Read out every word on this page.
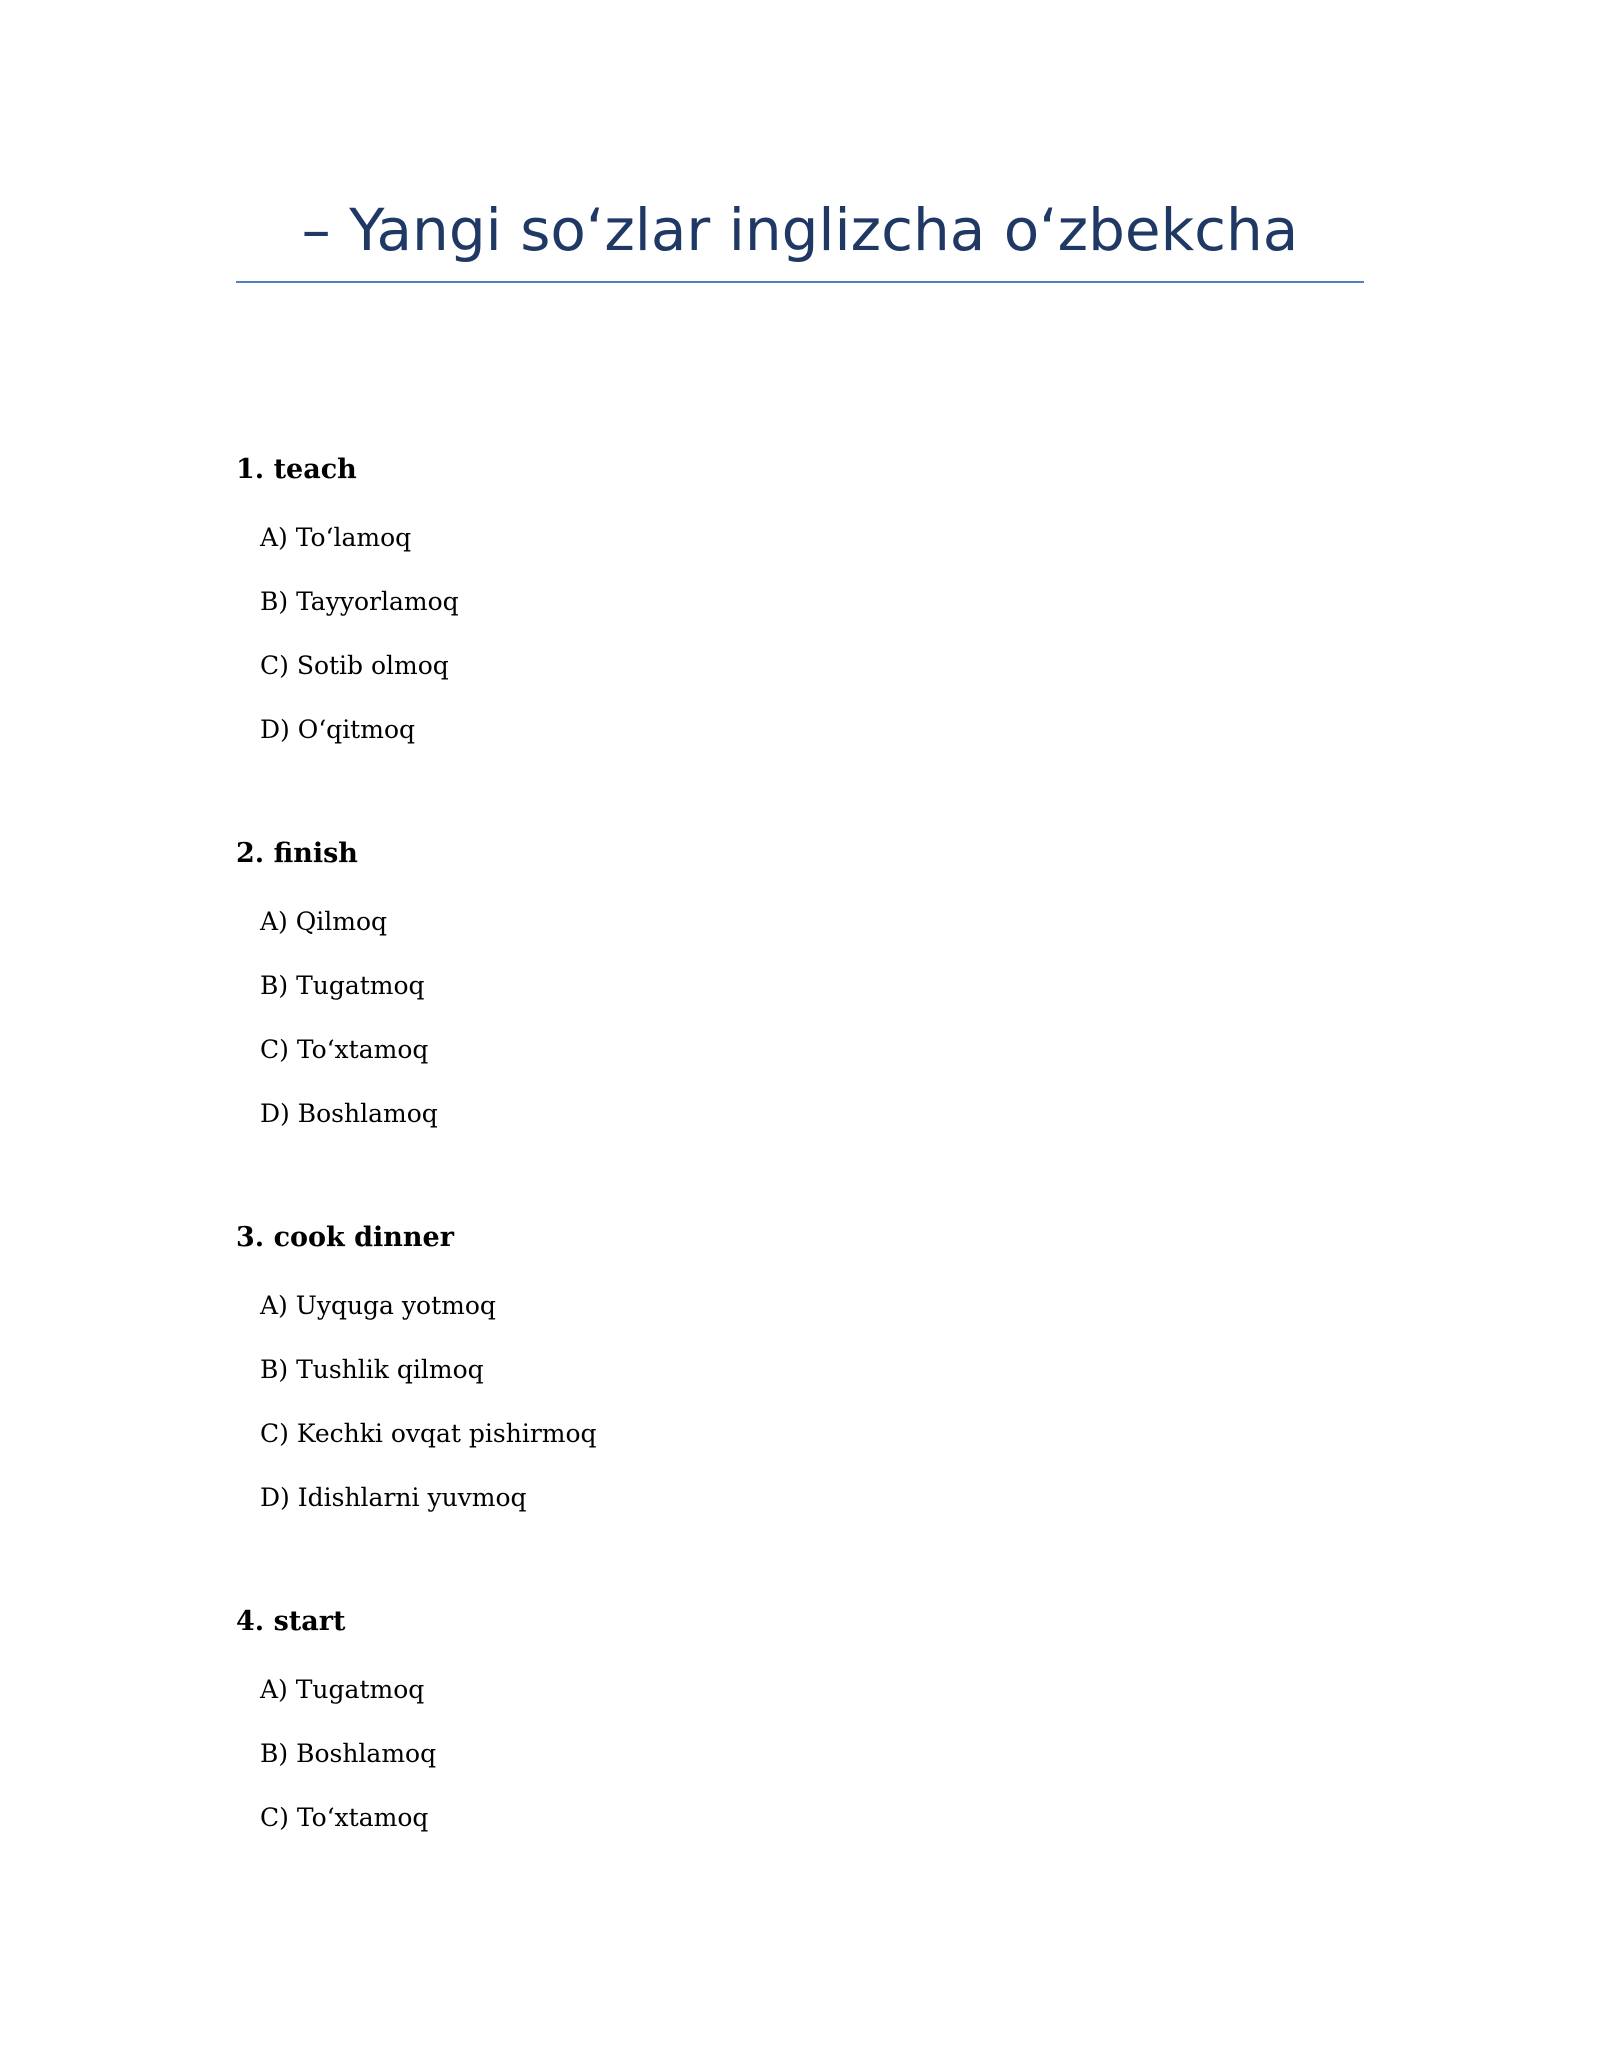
– Yangi so‘zlar inglizcha o‘zbekcha
1. teach
A) To‘lamoq
B) Tayyorlamoq
C) Sotib olmoq
D) O‘qitmoq
2. finish
A) Qilmoq
B) Tugatmoq
C) To‘xtamoq
D) Boshlamoq
3. cook dinner
A) Uyquga yotmoq
B) Tushlik qilmoq
C) Kechki ovqat pishirmoq
D) Idishlarni yuvmoq
4. start
A) Tugatmoq
B) Boshlamoq
C) To‘xtamoq
